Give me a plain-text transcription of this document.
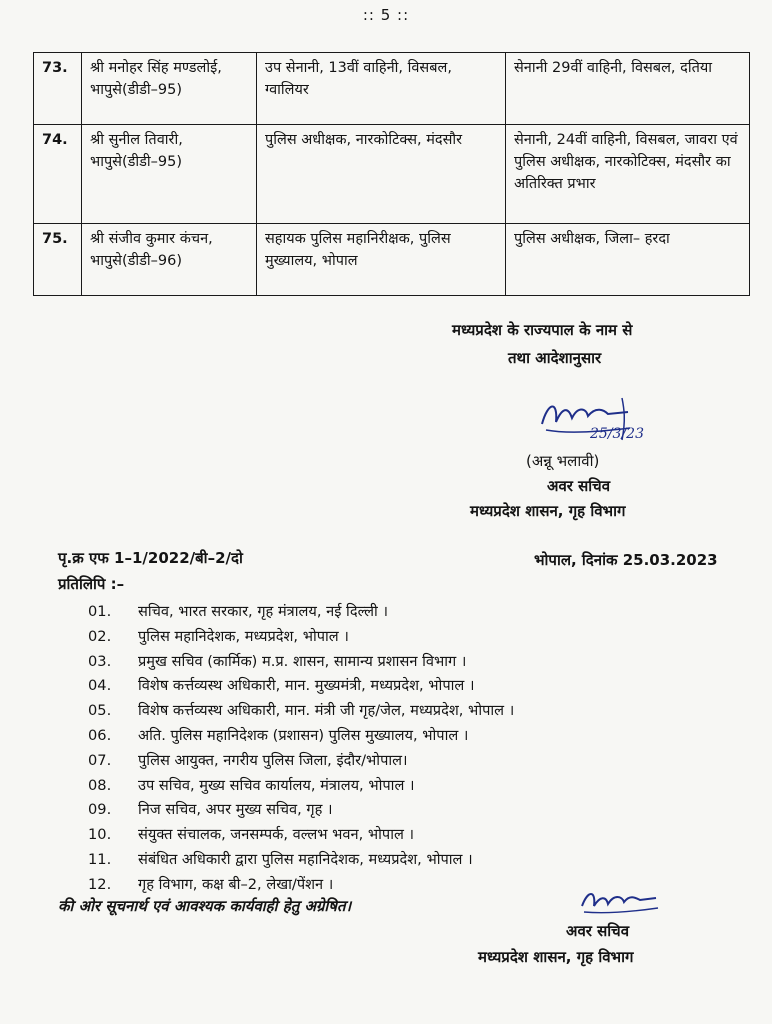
:: 5 ::
73.	श्री मनोहर सिंह मण्डलोई, भापुसे(डीडी–95)	उप सेनानी, 13वीं वाहिनी, विसबल, ग्वालियर	सेनानी 29वीं वाहिनी, विसबल, दतिया
74.	श्री सुनील तिवारी, भापुसे(डीडी–95)	पुलिस अधीक्षक, नारकोटिक्स, मंदसौर	सेनानी, 24वीं वाहिनी, विसबल, जावरा एवं पुलिस अधीक्षक, नारकोटिक्स, मंदसौर का अतिरिक्त प्रभार
75.	श्री संजीव कुमार कंचन, भापुसे(डीडी–96)	सहायक पुलिस महानिरीक्षक, पुलिस मुख्यालय, भोपाल	पुलिस अधीक्षक, जिला– हरदा
मध्यप्रदेश के राज्यपाल के नाम से
तथा आदेशानुसार
25/3/23
(अन्नू भलावी)
अवर सचिव
मध्यप्रदेश शासन, गृह विभाग
पृ.क्र एफ 1–1/2022/बी–2/दो	भोपाल, दिनांक 25.03.2023
प्रतिलिपि :–
01. सचिव, भारत सरकार, गृह मंत्रालय, नई दिल्ली ।
02. पुलिस महानिदेशक, मध्यप्रदेश, भोपाल ।
03. प्रमुख सचिव (कार्मिक) म.प्र. शासन, सामान्य प्रशासन विभाग ।
04. विशेष कर्त्तव्यस्थ अधिकारी, मान. मुख्यमंत्री, मध्यप्रदेश, भोपाल ।
05. विशेष कर्त्तव्यस्थ अधिकारी, मान. मंत्री जी गृह/जेल, मध्यप्रदेश, भोपाल ।
06. अति. पुलिस महानिदेशक (प्रशासन) पुलिस मुख्यालय, भोपाल ।
07. पुलिस आयुक्त, नगरीय पुलिस जिला, इंदौर/भोपाल।
08. उप सचिव, मुख्य सचिव कार्यालय, मंत्रालय, भोपाल ।
09. निज सचिव, अपर मुख्य सचिव, गृह ।
10. संयुक्त संचालक, जनसम्पर्क, वल्लभ भवन, भोपाल ।
11. संबंधित अधिकारी द्वारा पुलिस महानिदेशक, मध्यप्रदेश, भोपाल ।
12. गृह विभाग, कक्ष बी–2, लेखा/पेंशन ।
की ओर सूचनार्थ एवं आवश्यक कार्यवाही हेतु अग्रेषित।
अवर सचिव
मध्यप्रदेश शासन, गृह विभाग
